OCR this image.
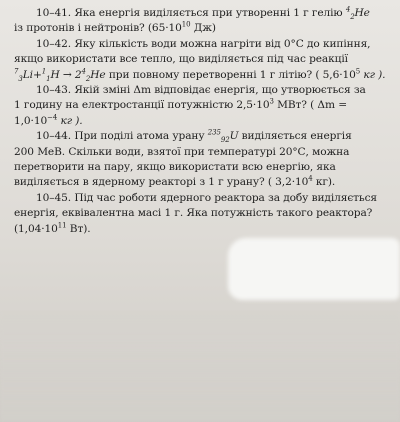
10–41. Яка енергія виділяється при утворенні 1 г гелію $^4_2$He
із протонів і нейтронів? ($65\cdot 10^{10}$ Дж)

10–42. Яку кількість води можна нагріти від 0°С до кипіння,
якщо використати все тепло, що виділяється під час реакції
$^7_3Li+^1_1H \to 2^4_2He$ при повному перетворенні 1 г літію? ( $5,6\cdot 10^5$ кг ).

10–43. Якій зміні Δm відповідає енергія, що утворюється за
1 годину на електростанції потужністю $2,5\cdot 10^3$ МВт? ( $\Delta m = 1,0\cdot 10^{-4}$ кг ).

10–44. При поділі атома урану $^{235}_{92}$U виділяється енергія
200 МеВ. Скільки води, взятої при температурі 20°С, можна
перетворити на пару, якщо використати всю енергію, яка
виділяється в ядерному реакторі з 1 г урану? ( $3,2\cdot 10^4$ кг).

10–45. Під час роботи ядерного реактора за добу виділяється
енергія, еквівалентна масі 1 г. Яка потужність такого реактора?
($1,04\cdot 10^{11}$ Вт).
